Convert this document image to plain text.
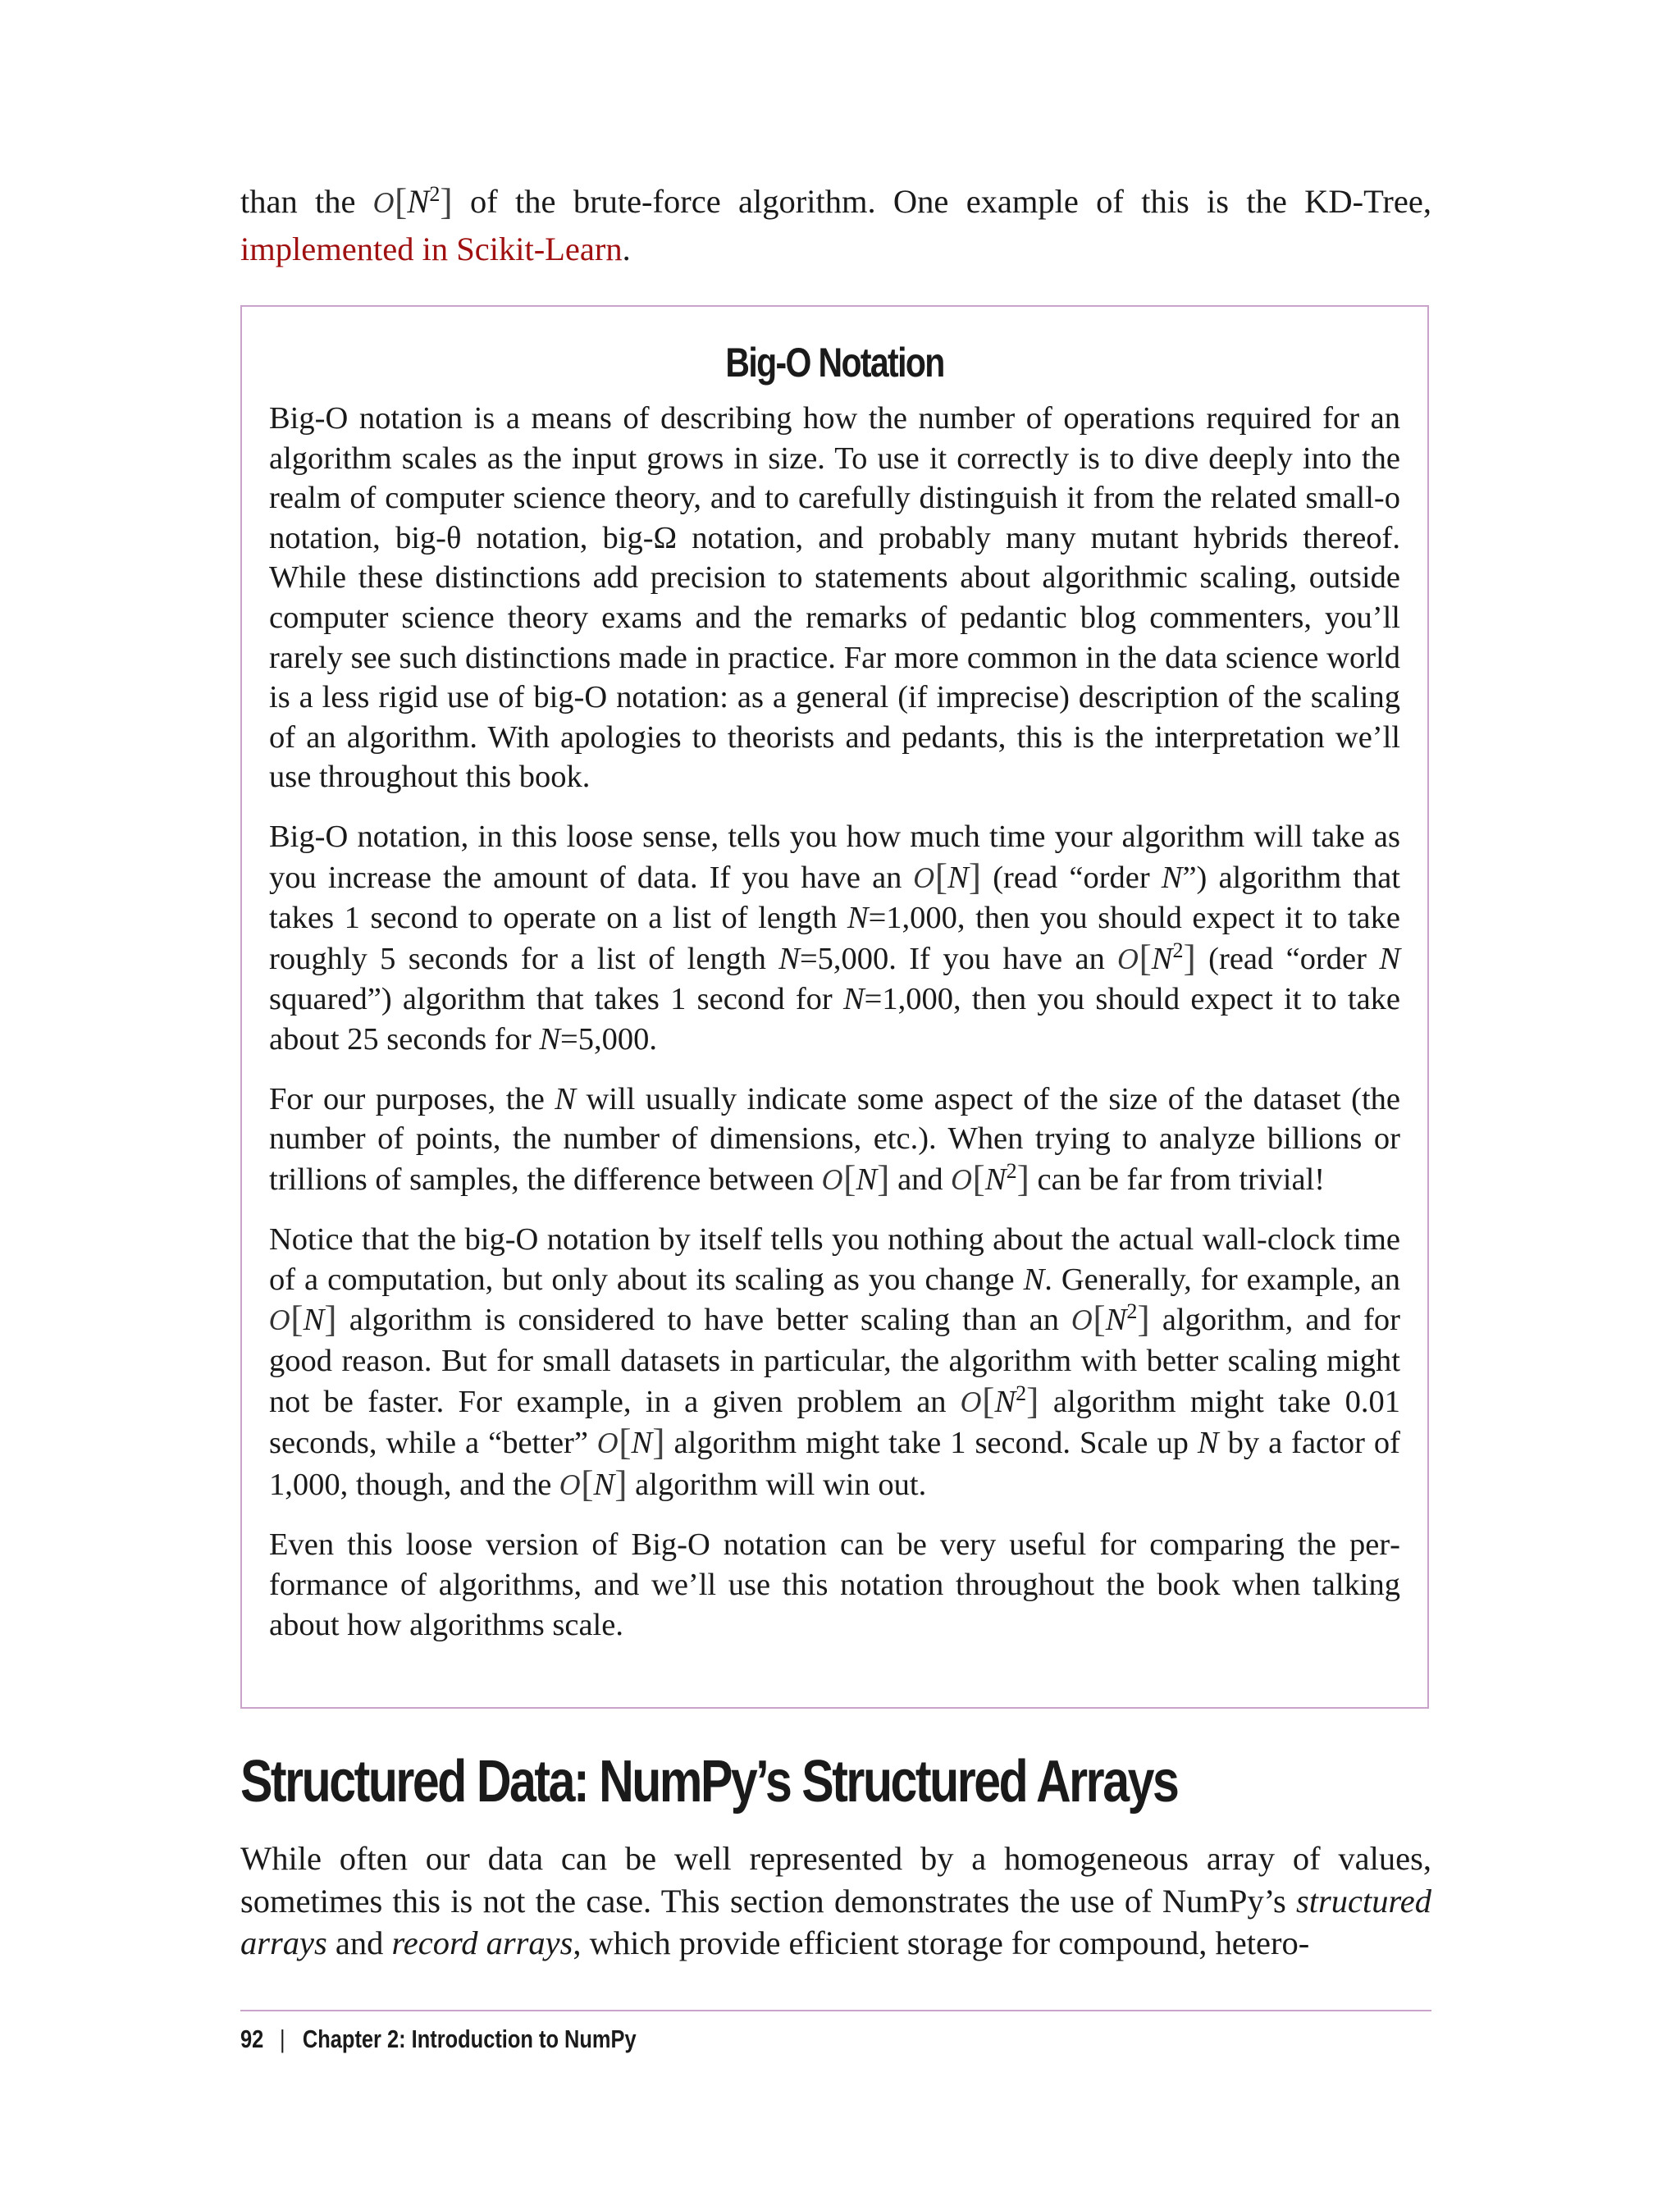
than the $O[N^2]$ of the brute-force algorithm. One example of this is the KD-Tree, implemented in Scikit-Learn.

Big-O Notation

Big-O notation is a means of describing how the number of operations required for an algorithm scales as the input grows in size. To use it correctly is to dive deeply into the realm of computer science theory, and to carefully distinguish it from the related small-o notation, big-θ notation, big-Ω notation, and probably many mutant hybrids thereof. While these distinctions add precision to statements about algorithmic scaling, outside computer science theory exams and the remarks of pedantic blog commenters, you’ll rarely see such distinctions made in practice. Far more common in the data science world is a less rigid use of big-O notation: as a general (if imprecise) description of the scaling of an algorithm. With apologies to theorists and pedants, this is the interpretation we’ll use throughout this book.

Big-O notation, in this loose sense, tells you how much time your algorithm will take as you increase the amount of data. If you have an O[N] (read “order N”) algorithm that takes 1 second to operate on a list of length N=1,000, then you should expect it to take roughly 5 seconds for a list of length N=5,000. If you have an $O[N^2]$ (read “order N squared”) algorithm that takes 1 second for N=1,000, then you should expect it to take about 25 seconds for N=5,000.

For our purposes, the N will usually indicate some aspect of the size of the dataset (the number of points, the number of dimensions, etc.). When trying to analyze billions or trillions of samples, the difference between O[N] and $O[N^2]$ can be far from trivial!

Notice that the big-O notation by itself tells you nothing about the actual wall-clock time of a computation, but only about its scaling as you change N. Generally, for example, an O[N] algorithm is considered to have better scaling than an $O[N^2]$ algorithm, and for good reason. But for small datasets in particular, the algorithm with better scaling might not be faster. For example, in a given problem an $O[N^2]$ algorithm might take 0.01 seconds, while a “better” O[N] algorithm might take 1 second. Scale up N by a factor of 1,000, though, and the O[N] algorithm will win out.

Even this loose version of Big-O notation can be very useful for comparing the performance of algorithms, and we’ll use this notation throughout the book when talking about how algorithms scale.

Structured Data: NumPy’s Structured Arrays

While often our data can be well represented by a homogeneous array of values, sometimes this is not the case. This section demonstrates the use of NumPy’s structured arrays and record arrays, which provide efficient storage for compound, hetero-

92 | Chapter 2: Introduction to NumPy
